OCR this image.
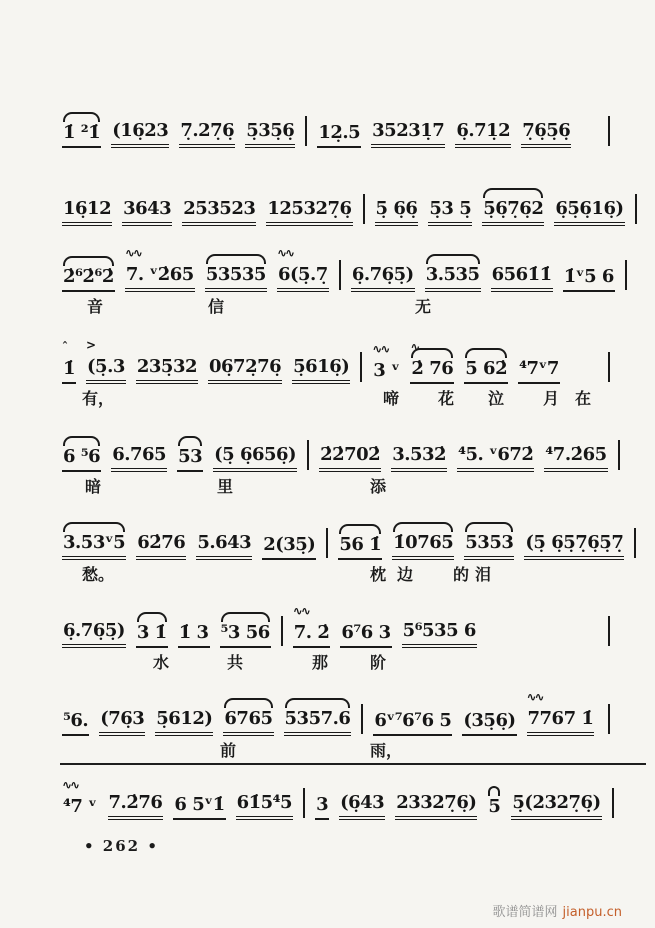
1̇ ²1̇ (16̣23 7̣.27̣6̣ 5̣35̣6̣ 12̣.5 35231̣7 6̣.71̣2 7̣6̣5̣6̣
16̣12 3643 253523 125327̣6̣ 5̣ 6̣6̣ 5̣3 5̣ 5̣6̣7̣6̣2 6̣5̣6̣16̣)
2̇⁶2̇⁶2̇
∿∿
7. ᵛ2̇65 53535
∿∿
6(5̣.7̣ 6̣.76̣5̣) 3.535 6561̇1̇ 1̇ᵛ5 6
音	信	无
ˆ
1̇
>
(5̣.3 235̣32 06̣72̣76̣ 5̣616̣)
∿∿
3 ᵛ
∿
2̇ 76 5 62̇ ⁴7ᵛ7
有，	啼 花 泣 月 在
6 ⁵6 6.765 53 (5̣ 6̣656̣) 2̇2̇702̇ 3.532̇ ⁴5. ᵛ672̇ ⁴7.2̇65
暗	里	添
3.53ᵛ5 62̇76 5.643 2(35̣) 56 1̇ 1̇0765 5353 (5̣ 6̣5̣7̣6̣5̣7̣
愁。	枕 边 的 泪
6̣.76̣5̣) 3 1̇ 1̇ 3 ⁵3 56
∿∿
7. 2̇ 6⁷6 3 5⁶535 6
水	共	那	阶
⁵6. (76̣3 5̣612) 6765 5357.6 6ᵛ⁷6⁷6 5 (35̣6̣)
∿∿
7767 1̇
前	雨，
∿∿
⁴7 ᵛ 7.2̇76 6 5ᵛ1̇ 61̇5⁴5 3 (6̣43 23327̣6̣) 5 5̣(2327̣6̣)
• 262 •
歌谱简谱网 jianpu.cn
